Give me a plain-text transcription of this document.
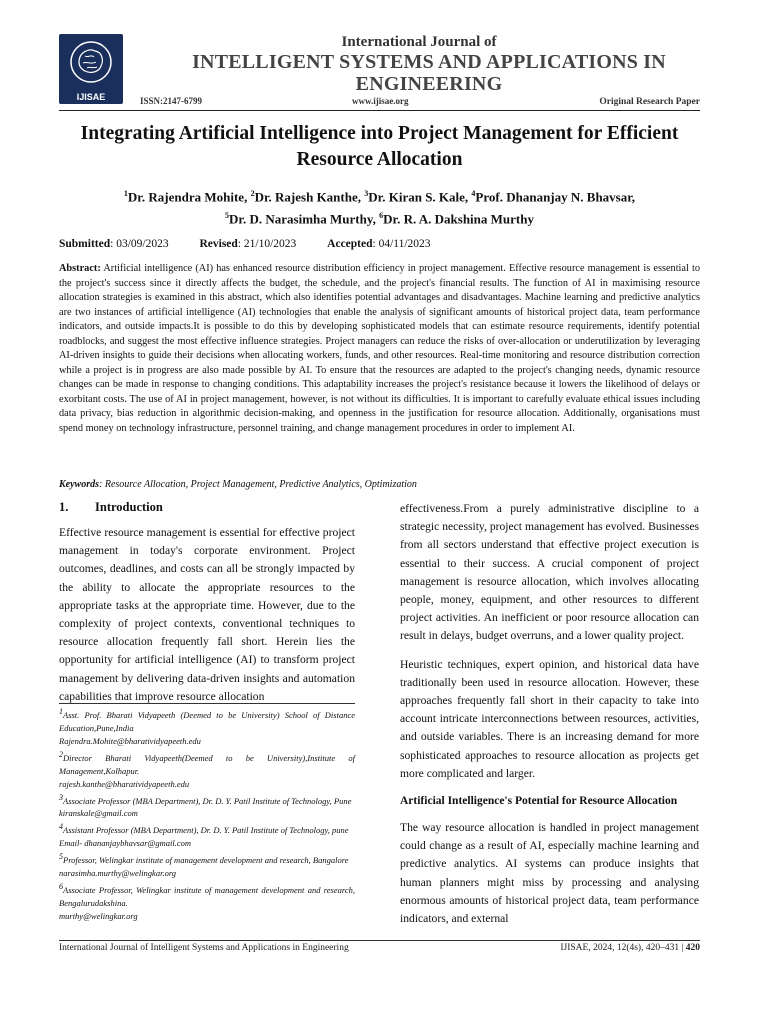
IJISAE
International Journal of
INTELLIGENT SYSTEMS AND APPLICATIONS IN
ENGINEERING
ISSN:2147-6799	www.ijisae.org	Original Research Paper
Integrating Artificial Intelligence into Project Management for Efficient Resource Allocation
$^1$Dr. Rajendra Mohite, $^2$Dr. Rajesh Kanthe, $^3$Dr. Kiran S. Kale, $^4$Prof. Dhananjay N. Bhavsar,
$^5$Dr. D. Narasimha Murthy, $^6$Dr. R. A. Dakshina Murthy
Submitted: 03/09/2023	Revised: 21/10/2023	Accepted: 04/11/2023
Abstract: Artificial intelligence (AI) has enhanced resource distribution efficiency in project management. Effective resource management is essential to the project's success since it directly affects the budget, the schedule, and the project's financial results. The function of AI in maximising resource allocation strategies is examined in this abstract, which also identifies potential advantages and disadvantages. Machine learning and predictive analytics are two instances of artificial intelligence (AI) technologies that enable the analysis of significant amounts of historical project data, team performance indicators, and outside impacts.It is possible to do this by developing sophisticated models that can estimate resource requirements, identify potential roadblocks, and suggest the most effective influence strategies. Project managers can reduce the risks of over-allocation or underutilization by leveraging AI-driven insights to guide their decisions when allocating workers, funds, and other resources. Real-time monitoring and resource distribution correction while a project is in progress are also made possible by AI. To ensure that the resources are adapted to the project's changing needs, dynamic resource changes can be made in response to changing conditions. This adaptability increases the project's resistance because it lowers the likelihood of delays or exorbitant costs. The use of AI in project management, however, is not without its difficulties. It is important to carefully evaluate ethical issues including data privacy, bias reduction in algorithmic decision-making, and openness in the justification for resource allocation. Additionally, organisations must spend money on technology infrastructure, personnel training, and change management procedures in order to implement AI.
Keywords: Resource Allocation, Project Management, Predictive Analytics, Optimization
1. Introduction

Effective resource management is essential for effective project management in today's corporate environment. Project outcomes, deadlines, and costs can all be strongly impacted by the ability to allocate the appropriate resources to the appropriate tasks at the appropriate time. However, due to the complexity of project contexts, conventional techniques to resource allocation frequently fall short. Herein lies the opportunity for artificial intelligence (AI) to transform project management by delivering data-driven insights and automation capabilities that improve resource allocation

$^1$Asst. Prof. Bharati Vidyapeeth (Deemed to be University) School of Distance Education,Pune,India

Rajendra.Mohite@bharatividyapeeth.edu

$^2$Director Bharati Vidyapeeth(Deemed to be University),Institute of Management,Kolhapur.

rajesh.kanthe@bharatividyapeeth.edu

$^3$Associate Professor (MBA Department), Dr. D. Y. Patil Institute of Technology, Pune

kiranskale@gmail.com

$^4$Assistant Professor (MBA Department), Dr. D. Y. Patil Institute of Technology, pune

Email- dhananjaybhavsar@gmail.com

$^5$Professor, Welingkar institute of management development and research, Bangalore

narasimha.murthy@welingkar.org

$^6$Associate Professor, Welingkar institute of management development and research, Bengalurudakshina.

murthy@welingkar.org

effectiveness.From a purely administrative discipline to a strategic necessity, project management has evolved. Businesses from all sectors understand that effective project execution is essential to their success. A crucial component of project management is resource allocation, which involves allocating people, money, equipment, and other resources to different project activities. An inefficient or poor resource allocation can result in delays, budget overruns, and a lower quality project.

Heuristic techniques, expert opinion, and historical data have traditionally been used in resource allocation. However, these approaches frequently fall short in their capacity to take into account intricate interconnections between resources, activities, and outside variables. There is an increasing demand for more sophisticated approaches to resource allocation as projects get more complicated and larger.

Artificial Intelligence's Potential for Resource Allocation

The way resource allocation is handled in project management could change as a result of AI, especially machine learning and predictive analytics. AI systems can produce insights that human planners might miss by processing and analysing enormous amounts of historical project data, team performance indicators, and external

International Journal of Intelligent Systems and Applications in Engineering	IJISAE, 2024, 12(4s), 420–431 | 420
